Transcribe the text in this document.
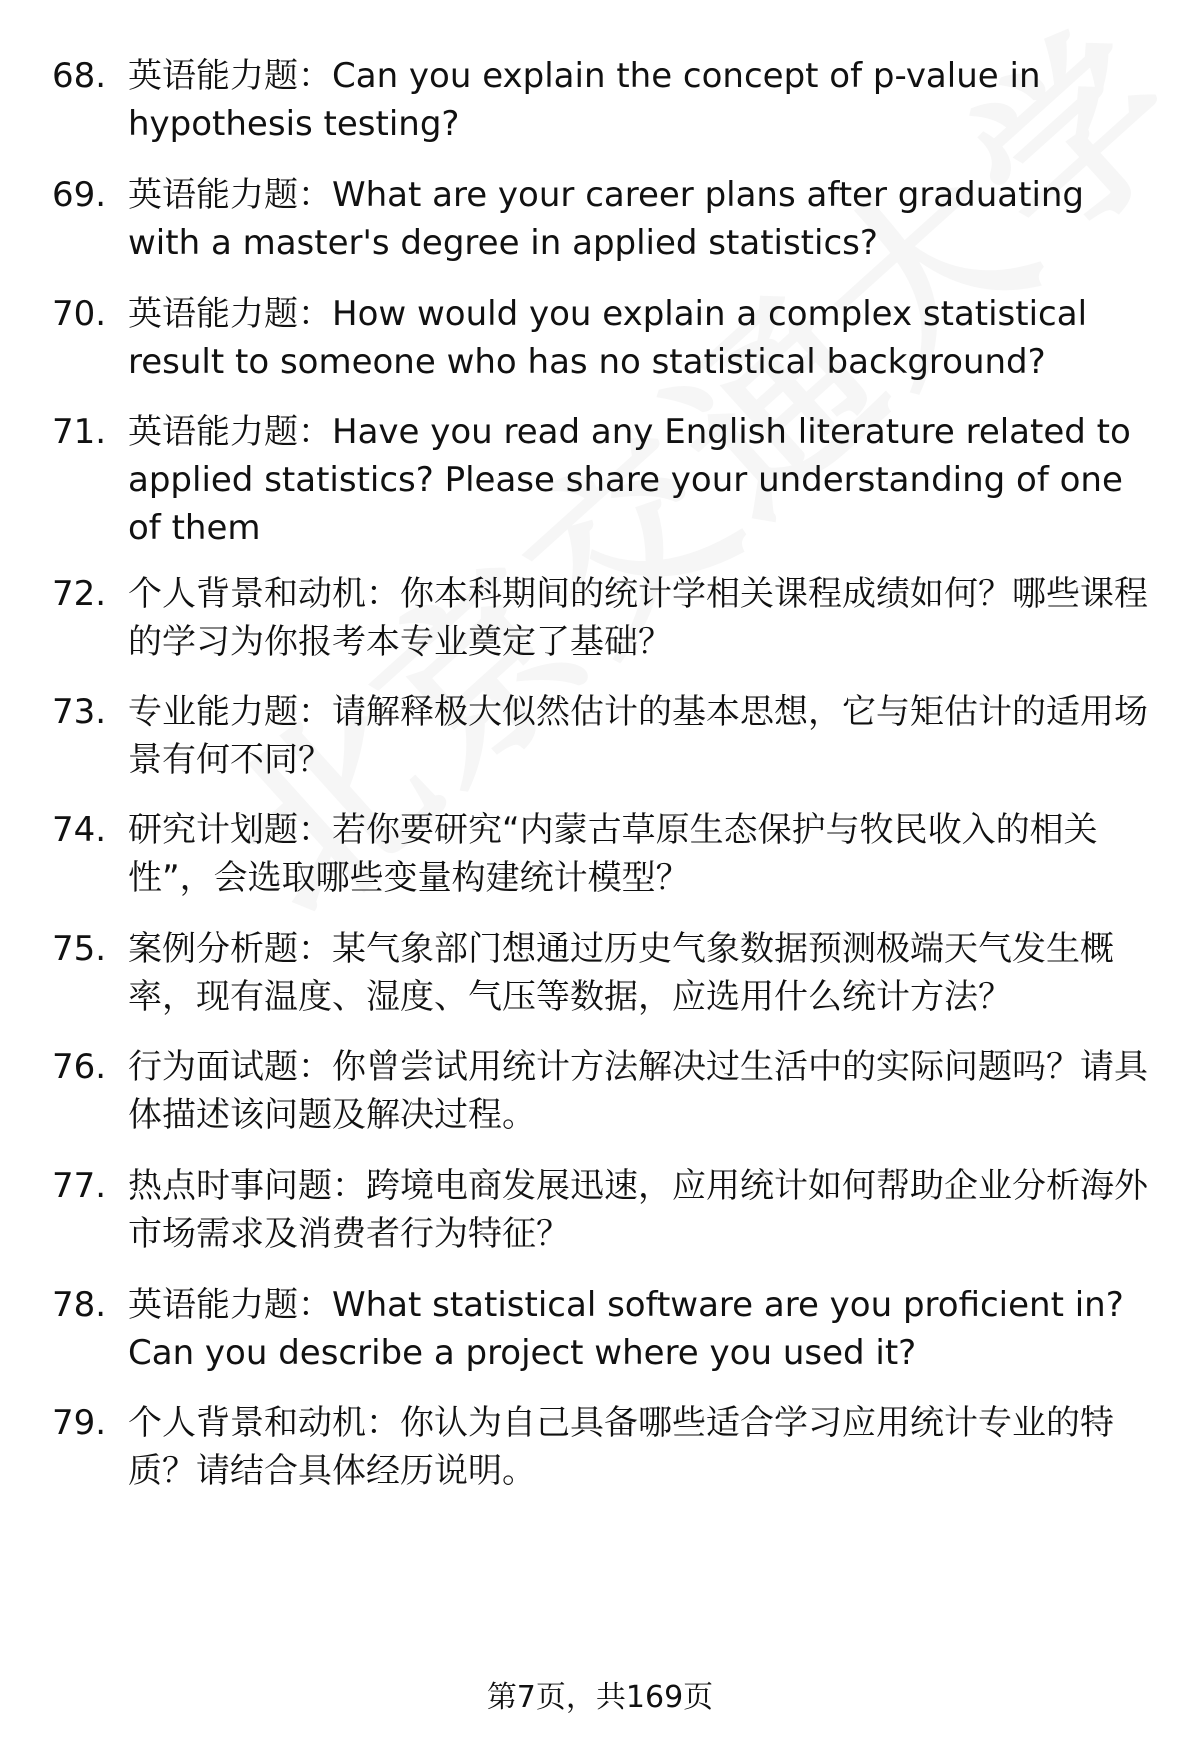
68. 英语能力题：Can you explain the concept of p-value in hypothesis testing?
69. 英语能力题：What are your career plans after graduating with a master's degree in applied statistics?
70. 英语能力题：How would you explain a complex statistical result to someone who has no statistical background?
71. 英语能力题：Have you read any English literature related to applied statistics? Please share your understanding of one of them
72. 个人背景和动机：你本科期间的统计学相关课程成绩如何？哪些课程的学习为你报考本专业奠定了基础？
73. 专业能力题：请解释极大似然估计的基本思想，它与矩估计的适用场景有何不同？
74. 研究计划题：若你要研究“内蒙古草原生态保护与牧民收入的相关性”，会选取哪些变量构建统计模型？
75. 案例分析题：某气象部门想通过历史气象数据预测极端天气发生概率，现有温度、湿度、气压等数据，应选用什么统计方法？
76. 行为面试题：你曾尝试用统计方法解决过生活中的实际问题吗？请具体描述该问题及解决过程。
77. 热点时事问题：跨境电商发展迅速，应用统计如何帮助企业分析海外市场需求及消费者行为特征？
78. 英语能力题：What statistical software are you proficient in? Can you describe a project where you used it?
79. 个人背景和动机：你认为自己具备哪些适合学习应用统计专业的特质？请结合具体经历说明。
第7页，共169页
